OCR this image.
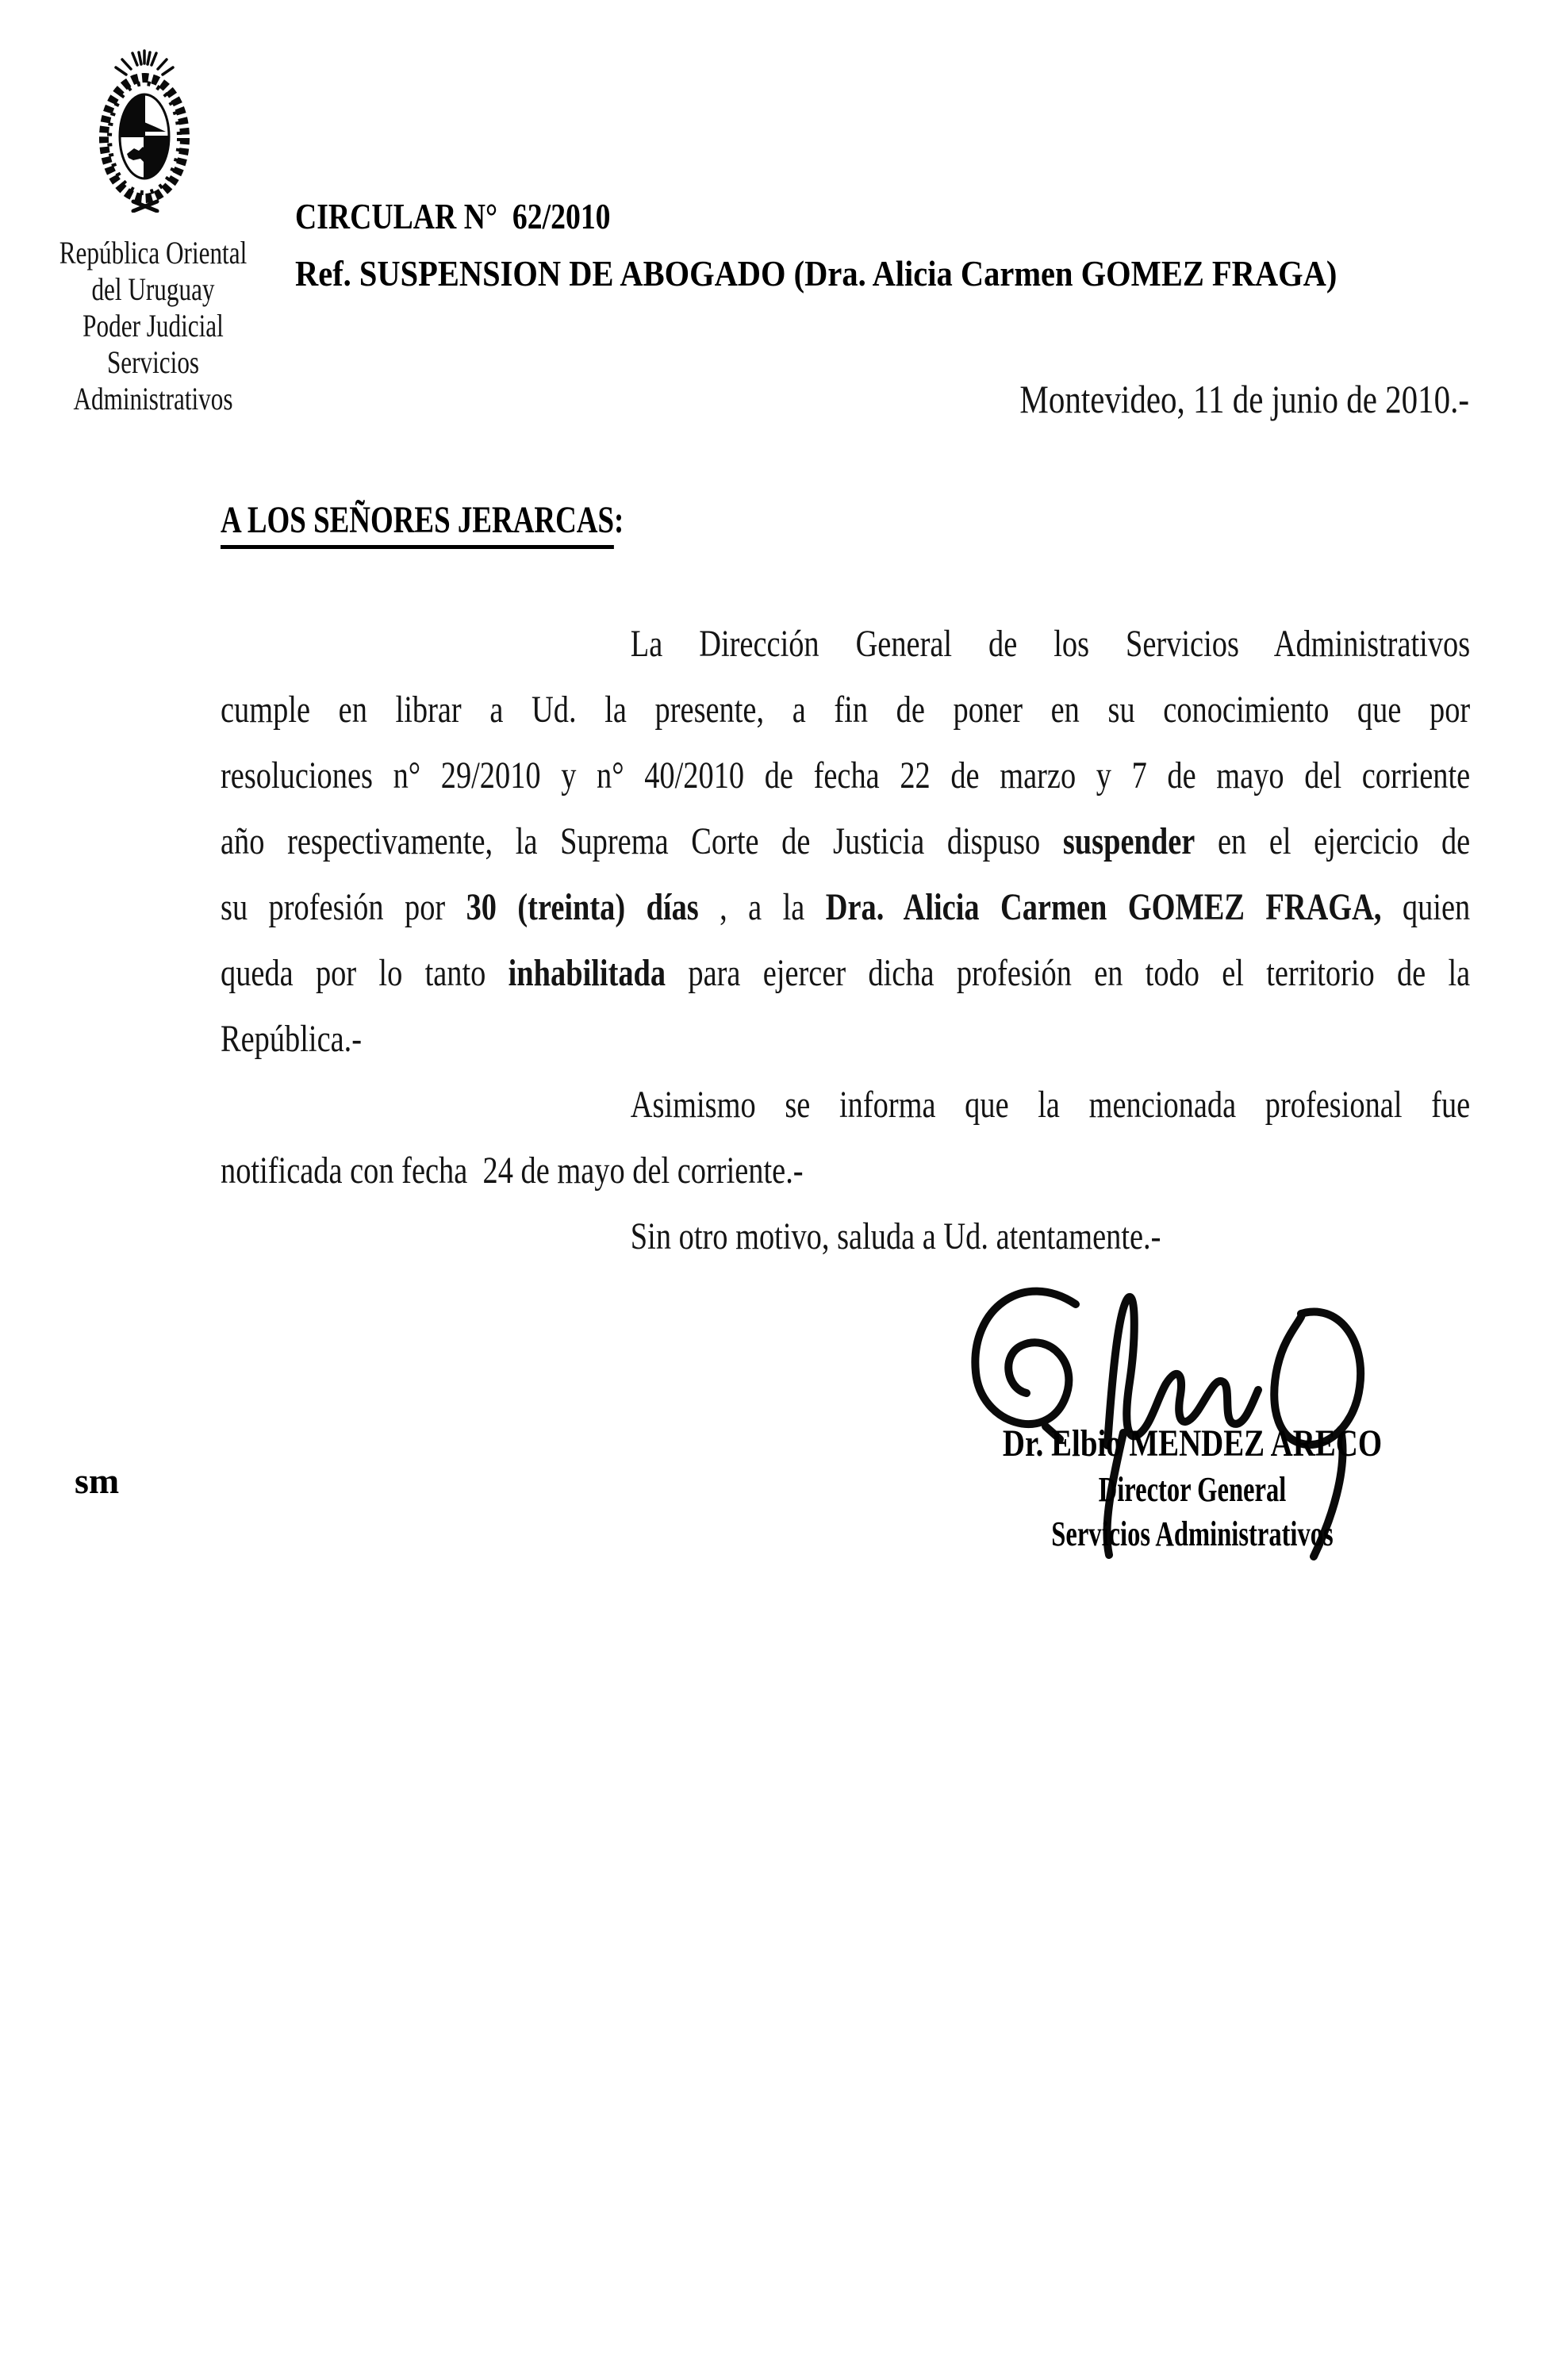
República Oriental
del Uruguay
Poder Judicial
Servicios
Administrativos
CIRCULAR N°  62/2010
Ref. SUSPENSION DE ABOGADO (Dra. Alicia Carmen GOMEZ FRAGA)
Montevideo, 11 de junio de 2010.-
A LOS SEÑORES JERARCAS:
La Dirección General de los Servicios Administrativos
cumple en librar a Ud. la presente, a fin de poner en su conocimiento que por
resoluciones n° 29/2010 y n° 40/2010 de fecha 22 de marzo y 7 de mayo del corriente
año respectivamente, la Suprema Corte de Justicia dispuso suspender en el ejercicio de
su profesión por 30 (treinta) días , a la Dra. Alicia Carmen GOMEZ FRAGA, quien
queda por lo tanto inhabilitada para ejercer dicha profesión en todo el territorio de la
República.-
Asimismo se informa que la mencionada profesional fue
notificada con fecha  24 de mayo del corriente.-
Sin otro motivo, saluda a Ud. atentamente.-
Dr. Elbio MENDEZ ARECO
Director General
Servicios Administrativos
sm
